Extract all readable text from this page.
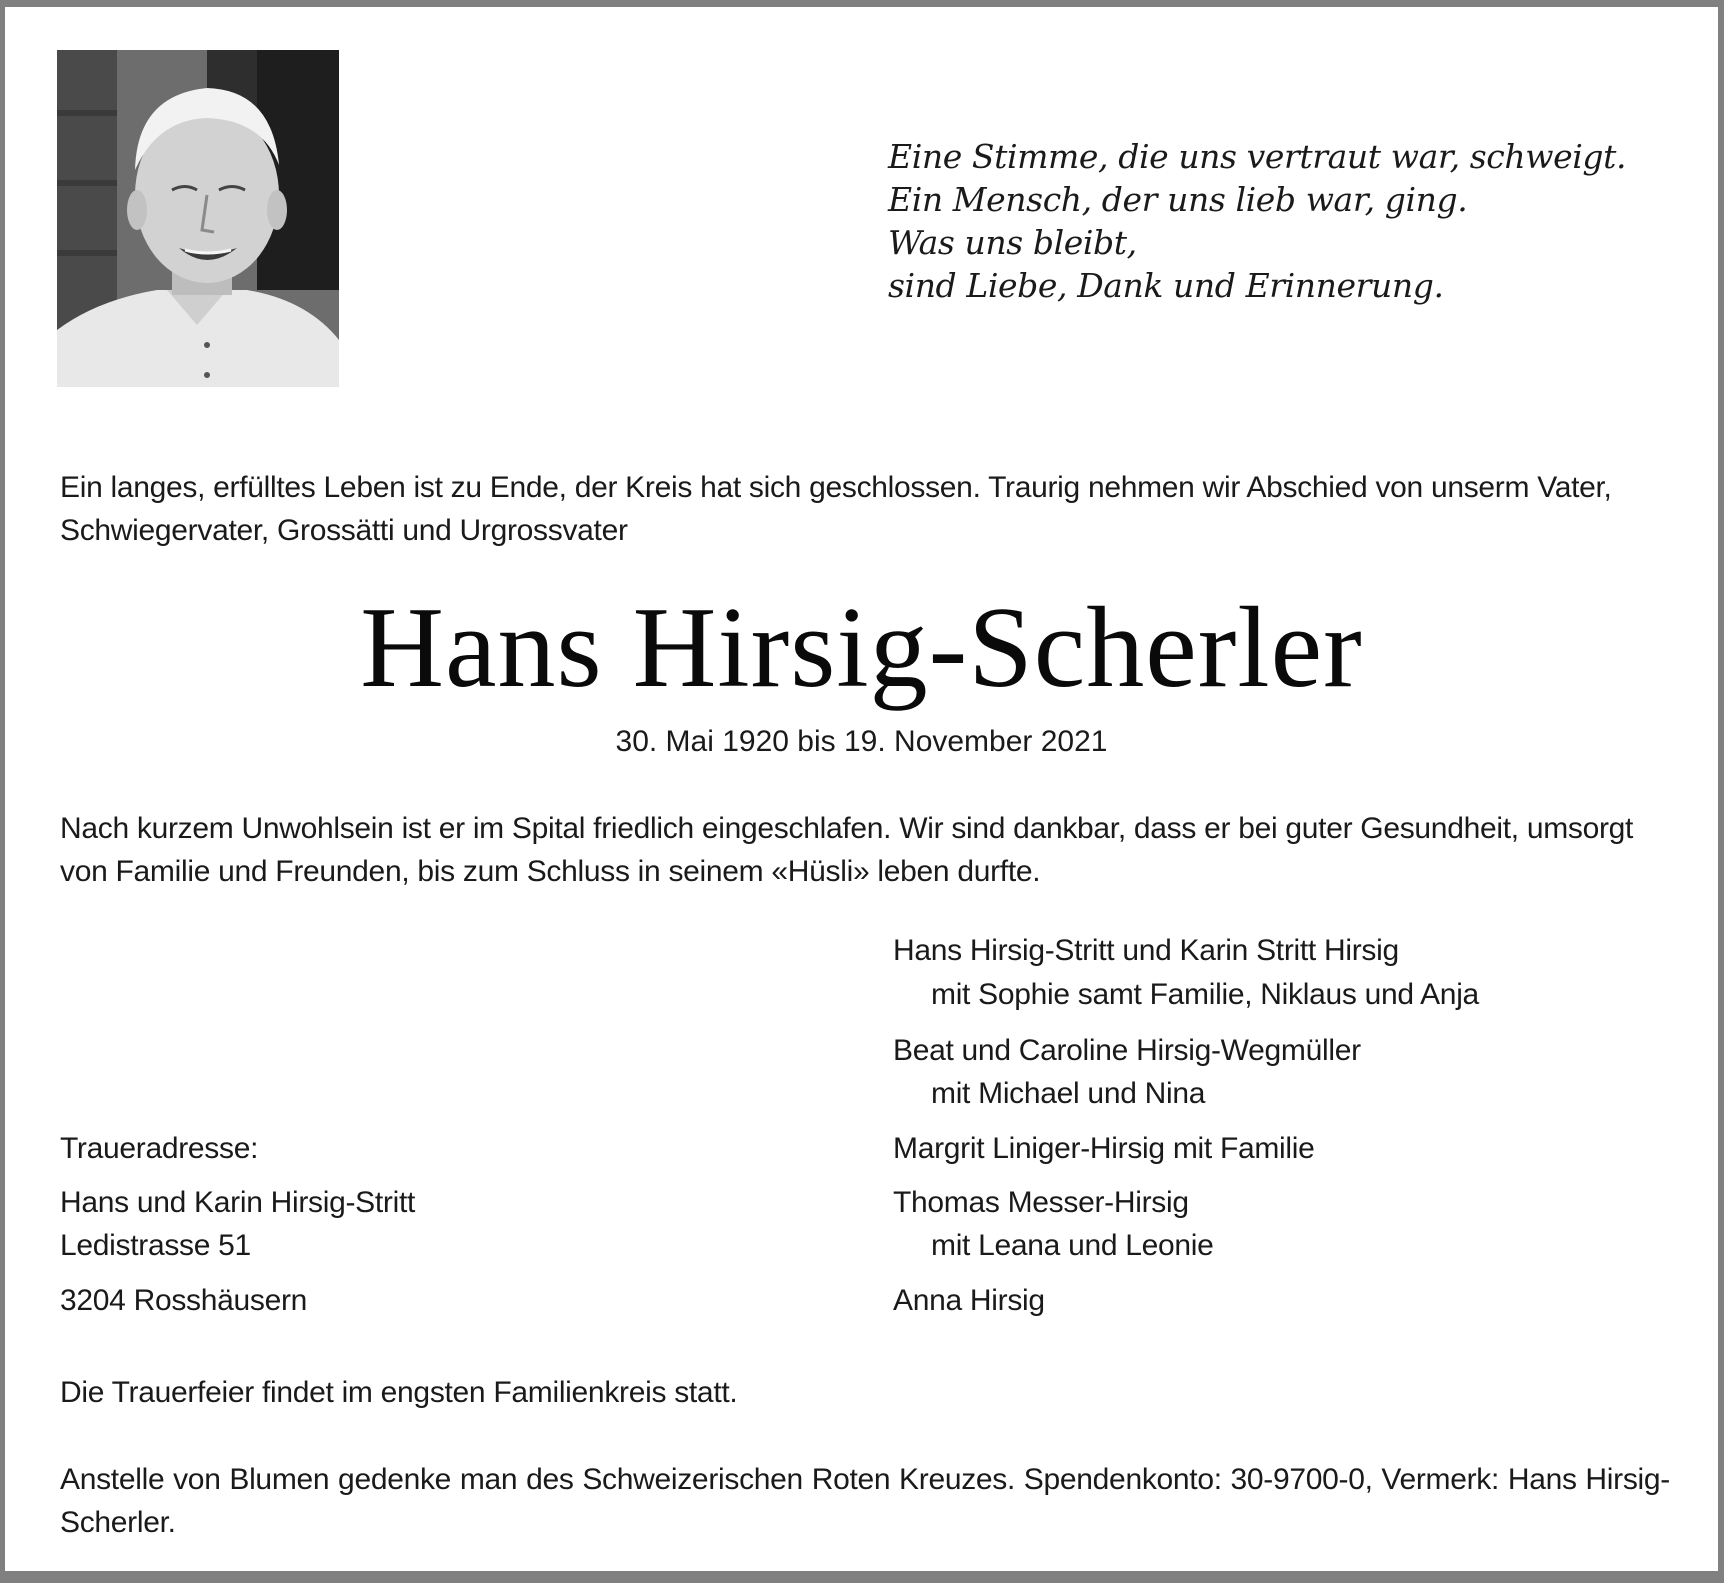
Eine Stimme, die uns vertraut war, schweigt.
Ein Mensch, der uns lieb war, ging.
Was uns bleibt,
sind Liebe, Dank und Erinnerung.
Ein langes, erfülltes Leben ist zu Ende, der Kreis hat sich geschlossen. Traurig nehmen wir Abschied von unserm Vater, Schwiegervater, Grossätti und Urgrossvater
Hans Hirsig-Scherler
30. Mai 1920 bis 19. November 2021
Nach kurzem Unwohlsein ist er im Spital friedlich eingeschlafen. Wir sind dankbar, dass er bei guter Gesundheit, umsorgt von Familie und Freunden, bis zum Schluss in seinem «Hüsli» leben durfte.
Hans Hirsig-Stritt und Karin Stritt Hirsig
mit Sophie samt Familie, Niklaus und Anja
Beat und Caroline Hirsig-Wegmüller
mit Michael und Nina
Margrit Liniger-Hirsig mit Familie
Thomas Messer-Hirsig
mit Leana und Leonie
Anna Hirsig
Traueradresse:
Hans und Karin Hirsig-Stritt
Ledistrasse 51
3204 Rosshäusern
Die Trauerfeier findet im engsten Familienkreis statt.
Anstelle von Blumen gedenke man des Schweizerischen Roten Kreuzes. Spendenkonto: 30-9700-0, Vermerk: Hans Hirsig-Scherler.
